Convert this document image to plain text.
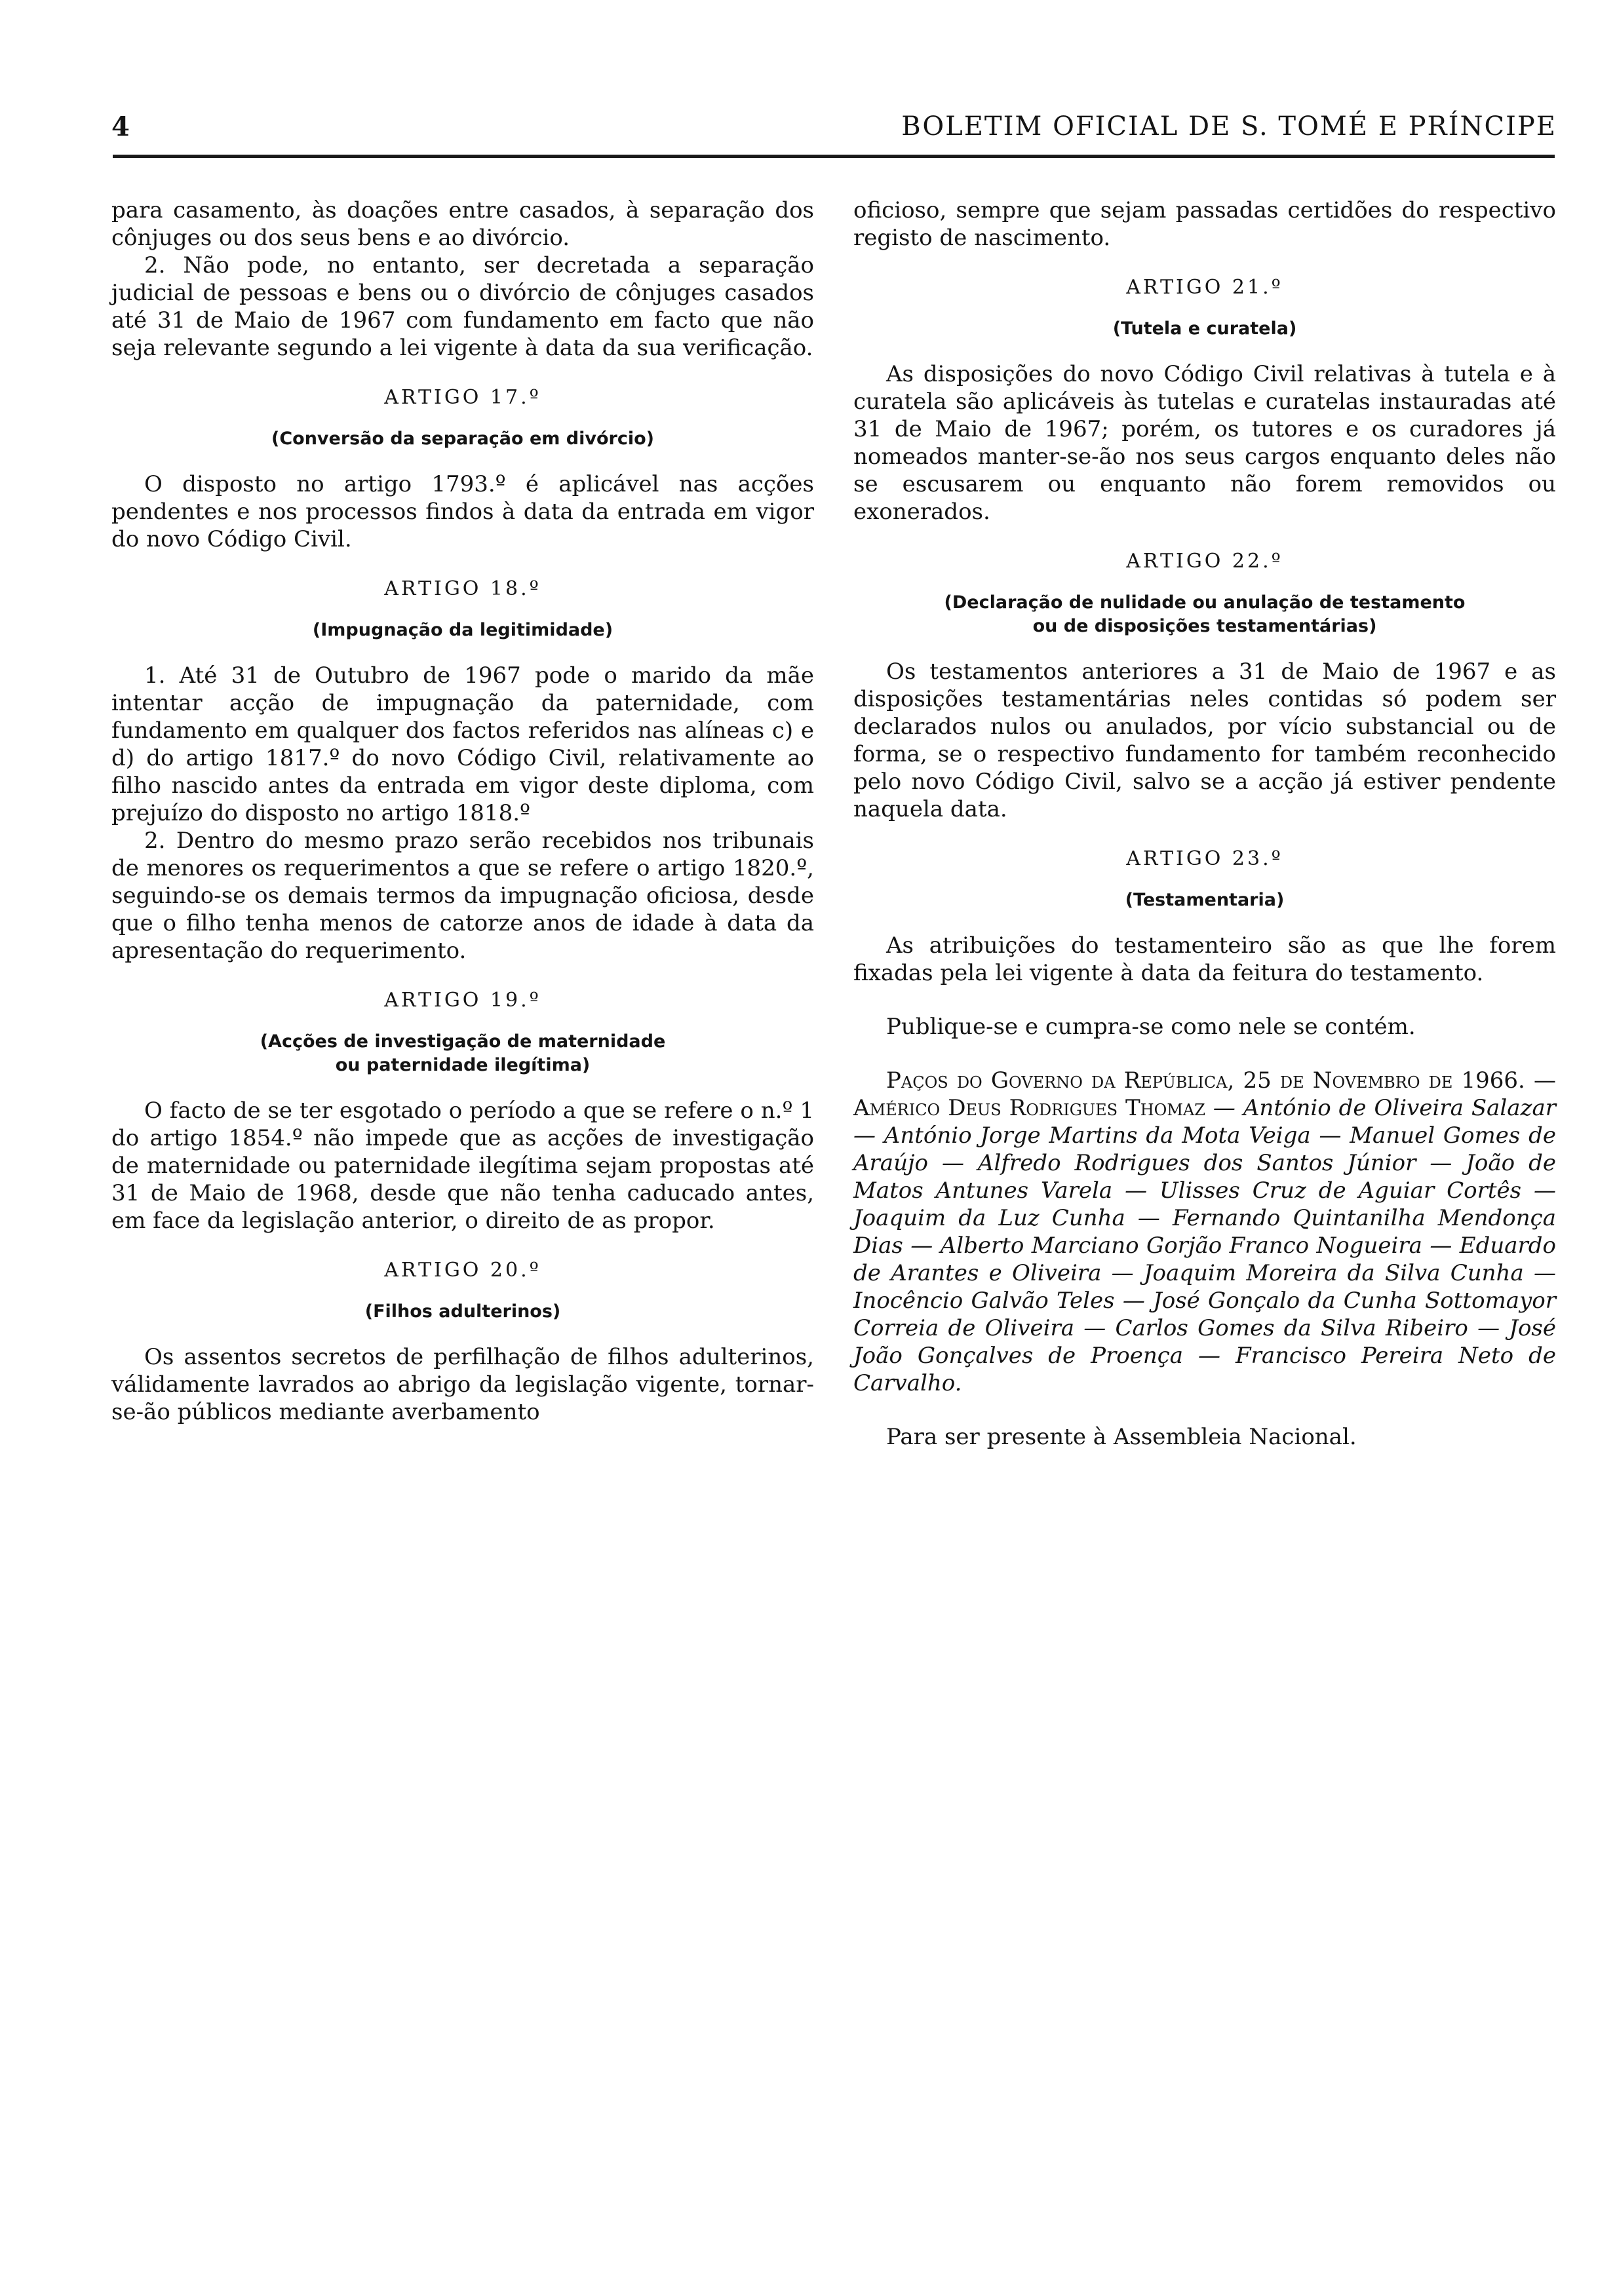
4	BOLETIM OFICIAL DE S. TOMÉ E PRÍNCIPE

para casamento, às doações entre casados, à separação dos cônjuges ou dos seus bens e ao divórcio.

2. Não pode, no entanto, ser decretada a separação judicial de pessoas e bens ou o divórcio de cônjuges casados até 31 de Maio de 1967 com fundamento em facto que não seja relevante segundo a lei vigente à data da sua verificação.

ARTIGO 17.º
(Conversão da separação em divórcio)

O disposto no artigo 1793.º é aplicável nas acções pendentes e nos processos findos à data da entrada em vigor do novo Código Civil.

ARTIGO 18.º
(Impugnação da legitimidade)

1. Até 31 de Outubro de 1967 pode o marido da mãe intentar acção de impugnação da paternidade, com fundamento em qualquer dos factos referidos nas alíneas c) e d) do artigo 1817.º do novo Código Civil, relativamente ao filho nascido antes da entrada em vigor deste diploma, com prejuízo do disposto no artigo 1818.º

2. Dentro do mesmo prazo serão recebidos nos tribunais de menores os requerimentos a que se refere o artigo 1820.º, seguindo-se os demais termos da impugnação oficiosa, desde que o filho tenha menos de catorze anos de idade à data da apresentação do requerimento.

ARTIGO 19.º
(Acções de investigação de maternidade
ou paternidade ilegítima)

O facto de se ter esgotado o período a que se refere o n.º 1 do artigo 1854.º não impede que as acções de investigação de maternidade ou paternidade ilegítima sejam propostas até 31 de Maio de 1968, desde que não tenha caducado antes, em face da legislação anterior, o direito de as propor.

ARTIGO 20.º
(Filhos adulterinos)

Os assentos secretos de perfilhação de filhos adulterinos, válidamente lavrados ao abrigo da legislação vigente, tornar-se-ão públicos mediante averbamento

oficioso, sempre que sejam passadas certidões do respectivo registo de nascimento.

ARTIGO 21.º
(Tutela e curatela)

As disposições do novo Código Civil relativas à tutela e à curatela são aplicáveis às tutelas e curatelas instauradas até 31 de Maio de 1967; porém, os tutores e os curadores já nomeados manter-se-ão nos seus cargos enquanto deles não se escusarem ou enquanto não forem removidos ou exonerados.

ARTIGO 22.º
(Declaração de nulidade ou anulação de testamento
ou de disposições testamentárias)

Os testamentos anteriores a 31 de Maio de 1967 e as disposições testamentárias neles contidas só podem ser declarados nulos ou anulados, por vício substancial ou de forma, se o respectivo fundamento for também reconhecido pelo novo Código Civil, salvo se a acção já estiver pendente naquela data.

ARTIGO 23.º
(Testamentaria)

As atribuições do testamenteiro são as que lhe forem fixadas pela lei vigente à data da feitura do testamento.

Publique-se e cumpra-se como nele se contém.

Paços do Governo da República, 25 de Novembro de 1966. — Américo Deus Rodrigues Thomaz — António de Oliveira Salazar — António Jorge Martins da Mota Veiga — Manuel Gomes de Araújo — Alfredo Rodrigues dos Santos Júnior — João de Matos Antunes Varela — Ulisses Cruz de Aguiar Cortês — Joaquim da Luz Cunha — Fernando Quintanilha Mendonça Dias — Alberto Marciano Gorjão Franco Nogueira — Eduardo de Arantes e Oliveira — Joaquim Moreira da Silva Cunha — Inocêncio Galvão Teles — José Gonçalo da Cunha Sottomayor Correia de Oliveira — Carlos Gomes da Silva Ribeiro — José João Gonçalves de Proença — Francisco Pereira Neto de Carvalho.

Para ser presente à Assembleia Nacional.
